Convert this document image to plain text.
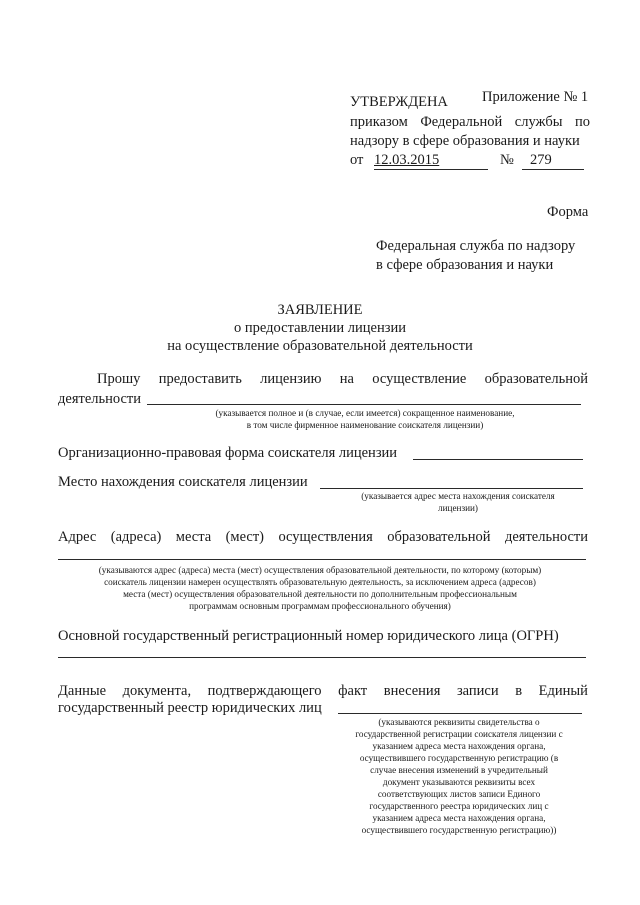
Приложение № 1
УТВЕРЖДЕНА
приказом Федеральной службы по
надзору в сфере образования и науки
от 12.03.2015	№ 279
Форма
Федеральная служба по надзору
в сфере образования и науки
ЗАЯВЛЕНИЕ
о предоставлении лицензии
на осуществление образовательной деятельности
Прошу предоставить лицензию на осуществление образовательной
деятельности
(указывается полное и (в случае, если имеется) сокращенное наименование,
в том числе фирменное наименование соискателя лицензии)
Организационно-правовая форма соискателя лицензии
Место нахождения соискателя лицензии
(указывается адрес места нахождения соискателя
лицензии)
Адрес (адреса) места (мест) осуществления образовательной деятельности
(указываются адрес (адреса) места (мест) осуществления образовательной деятельности, по которому (которым)
соискатель лицензии намерен осуществлять образовательную деятельность, за исключением адреса (адресов)
места (мест) осуществления образовательной деятельности по дополнительным профессиональным
программам основным программам профессионального обучения)
Основной государственный регистрационный номер юридического лица (ОГРН)
Данные документа, подтверждающего факт внесения записи в Единый
государственный реестр юридических лиц
(указываются реквизиты свидетельства о
государственной регистрации соискателя лицензии с
указанием адреса места нахождения органа,
осуществившего государственную регистрацию (в
случае внесения изменений в учредительный
документ указываются реквизиты всех
соответствующих листов записи Единого
государственного реестра юридических лиц с
указанием адреса места нахождения органа,
осуществившего государственную регистрацию))
